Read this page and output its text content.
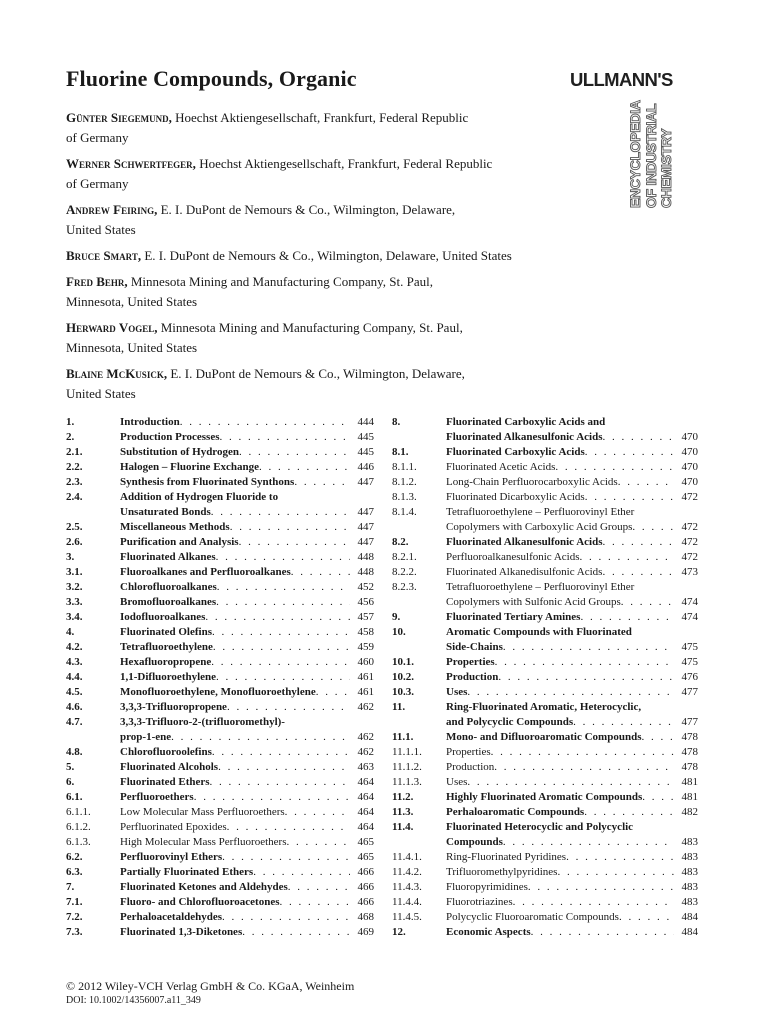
Fluorine Compounds, Organic	ULLMANN'S
ENCYCLOPEDIA OF INDUSTRIAL CHEMISTRY
Günter Siegemund, Hoechst Aktiengesellschaft, Frankfurt, Federal Republic
of Germany
Werner Schwertfeger, Hoechst Aktiengesellschaft, Frankfurt, Federal Republic
of Germany
Andrew Feiring, E. I. DuPont de Nemours & Co., Wilmington, Delaware,
United States
Bruce Smart, E. I. DuPont de Nemours & Co., Wilmington, Delaware, United States
Fred Behr, Minnesota Mining and Manufacturing Company, St. Paul,
Minnesota, United States
Herward Vogel, Minnesota Mining and Manufacturing Company, St. Paul,
Minnesota, United States
Blaine McKusick, E. I. DuPont de Nemours & Co., Wilmington, Delaware,
United States
1.	Introduction . . .	444
2.	Production Processes . . .	445
2.1.	Substitution of Hydrogen . . .	445
2.2.	Halogen – Fluorine Exchange . . .	446
2.3.	Synthesis from Fluorinated Synthons . . .	447
2.4.	Addition of Hydrogen Fluoride to
Unsaturated Bonds . . .	447
2.5.	Miscellaneous Methods . . .	447
2.6.	Purification and Analysis . . .	447
3.	Fluorinated Alkanes . . .	448
3.1.	Fluoroalkanes and Perfluoroalkanes . . .	448
3.2.	Chlorofluoroalkanes . . .	452
3.3.	Bromofluoroalkanes . . .	456
3.4.	Iodofluoroalkanes . . .	457
4.	Fluorinated Olefins . . .	458
4.2.	Tetrafluoroethylene . . .	459
4.3.	Hexafluoropropene . . .	460
4.4.	1,1-Difluoroethylene . . .	461
4.5.	Monofluoroethylene, Monofluoroethylene . . .	461
4.6.	3,3,3-Trifluoropropene . . .	462
4.7.	3,3,3-Trifluoro-2-(trifluoromethyl)-
prop-1-ene . . .	462
4.8.	Chlorofluoroolefins . . .	462
5.	Fluorinated Alcohols . . .	463
6.	Fluorinated Ethers . . .	464
6.1.	Perfluoroethers . . .	464
6.1.1.	Low Molecular Mass Perfluoroethers . . .	464
6.1.2.	Perfluorinated Epoxides . . .	464
6.1.3.	High Molecular Mass Perfluoroethers . . .	465
6.2.	Perfluorovinyl Ethers . . .	465
6.3.	Partially Fluorinated Ethers . . .	466
7.	Fluorinated Ketones and Aldehydes . . .	466
7.1.	Fluoro- and Chlorofluoroacetones . . .	466
7.2.	Perhaloacetaldehydes . . .	468
7.3.	Fluorinated 1,3-Diketones . . .	469
8.	Fluorinated Carboxylic Acids and
Fluorinated Alkanesulfonic Acids . . .	470
8.1.	Fluorinated Carboxylic Acids . . .	470
8.1.1.	Fluorinated Acetic Acids . . .	470
8.1.2.	Long-Chain Perfluorocarboxylic Acids . . .	470
8.1.3.	Fluorinated Dicarboxylic Acids . . .	472
8.1.4.	Tetrafluoroethylene – Perfluorovinyl Ether
Copolymers with Carboxylic Acid Groups . . .	472
8.2.	Fluorinated Alkanesulfonic Acids . . .	472
8.2.1.	Perfluoroalkanesulfonic Acids . . .	472
8.2.2.	Fluorinated Alkanedisulfonic Acids . . .	473
8.2.3.	Tetrafluoroethylene – Perfluorovinyl Ether
Copolymers with Sulfonic Acid Groups . . .	474
9.	Fluorinated Tertiary Amines . . .	474
10.	Aromatic Compounds with Fluorinated
Side-Chains . . .	475
10.1.	Properties . . .	475
10.2.	Production . . .	476
10.3.	Uses . . .	477
11.	Ring-Fluorinated Aromatic, Heterocyclic,
and Polycyclic Compounds . . .	477
11.1.	Mono- and Difluoroaromatic Compounds . . .	478
11.1.1.	Properties . . .	478
11.1.2.	Production . . .	478
11.1.3.	Uses . . .	481
11.2.	Highly Fluorinated Aromatic Compounds . . .	481
11.3.	Perhaloaromatic Compounds . . .	482
11.4.	Fluorinated Heterocyclic and Polycyclic
Compounds . . .	483
11.4.1.	Ring-Fluorinated Pyridines . . .	483
11.4.2.	Trifluoromethylpyridines . . .	483
11.4.3.	Fluoropyrimidines . . .	483
11.4.4.	Fluorotriazines . . .	483
11.4.5.	Polycyclic Fluoroaromatic Compounds . . .	484
12.	Economic Aspects . . .	484
© 2012 Wiley-VCH Verlag GmbH & Co. KGaA, Weinheim
DOI: 10.1002/14356007.a11_349
